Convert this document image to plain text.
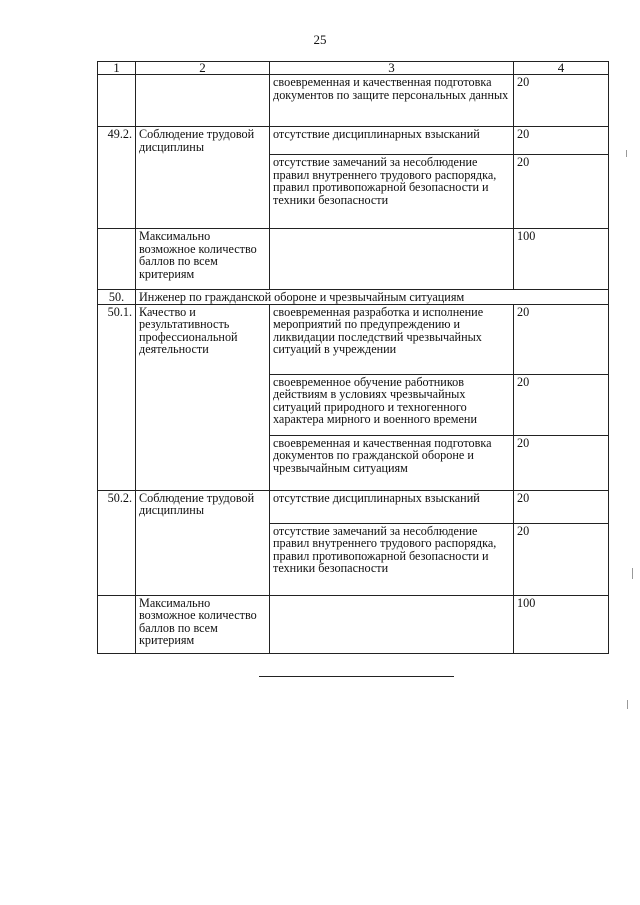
25
1	2	3	4
		своевременная и качественная подготовка документов по защите персональных данных	20
49.2.	Соблюдение трудовой дисциплины	отсутствие дисциплинарных взысканий	20
		отсутствие замечаний за несоблюдение правил внутреннего трудового распорядка, правил противопожарной безопасности и техники безопасности	20
	Максимально возможное количество баллов по всем критериям		100
50.	Инженер по гражданской обороне и чрезвычайным ситуациям		
50.1.	Качество и результативность профессиональной деятельности	своевременная разработка и исполнение мероприятий по предупреждению и ликвидации последствий чрезвычайных ситуаций в учреждении	20
		своевременное обучение работников действиям в условиях чрезвычайных ситуаций природного и техногенного характера мирного и военного времени	20
		своевременная и качественная подготовка документов по гражданской обороне и чрезвычайным ситуациям	20
50.2.	Соблюдение трудовой дисциплины	отсутствие дисциплинарных взысканий	20
		отсутствие замечаний за несоблюдение правил внутреннего трудового распорядка, правил противопожарной безопасности и техники безопасности	20
	Максимально возможное количество баллов по всем критериям		100
